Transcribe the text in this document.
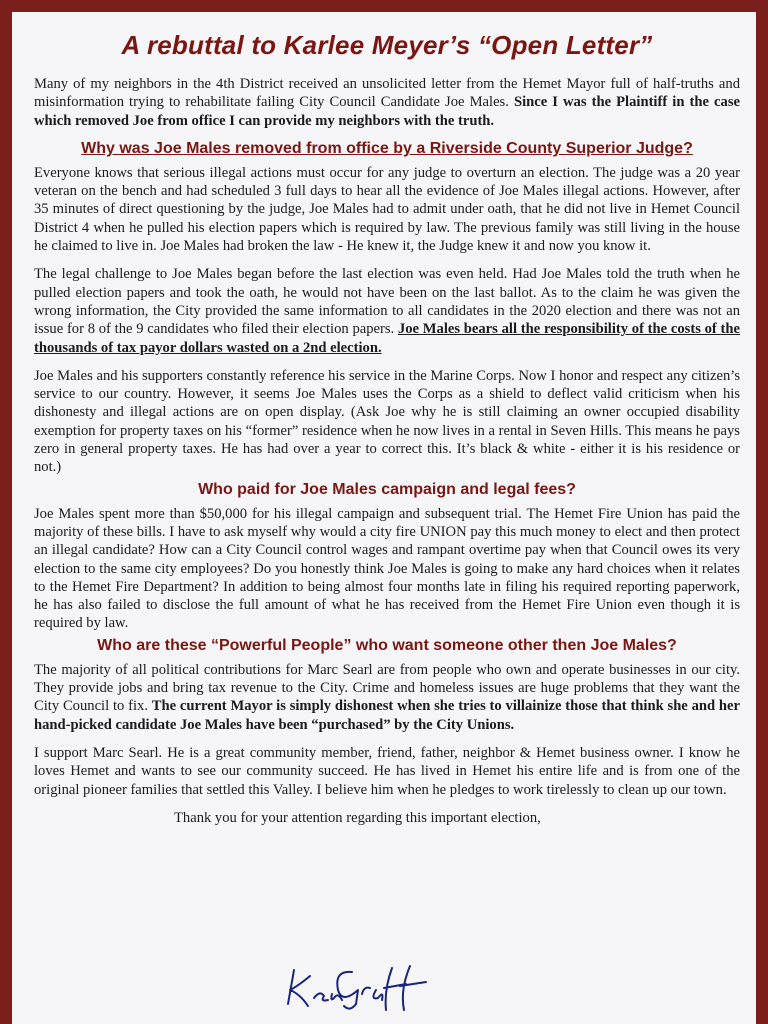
A rebuttal to Karlee Meyer’s “Open Letter”

Many of my neighbors in the 4th District received an unsolicited letter from the Hemet Mayor full of half-truths and misinformation trying to rehabilitate failing City Council Candidate Joe Males. Since I was the Plaintiff in the case which removed Joe from office I can provide my neighbors with the truth.

Why was Joe Males removed from office by a Riverside County Superior Judge?

Everyone knows that serious illegal actions must occur for any judge to overturn an election. The judge was a 20 year veteran on the bench and had scheduled 3 full days to hear all the evidence of Joe Males illegal actions. However, after 35 minutes of direct questioning by the judge, Joe Males had to admit under oath, that he did not live in Hemet Council District 4 when he pulled his election papers which is required by law. The previous family was still living in the house he claimed to live in. Joe Males had broken the law - He knew it, the Judge knew it and now you know it.

The legal challenge to Joe Males began before the last election was even held. Had Joe Males told the truth when he pulled election papers and took the oath, he would not have been on the last ballot. As to the claim he was given the wrong information, the City provided the same information to all candidates in the 2020 election and there was not an issue for 8 of the 9 candidates who filed their election papers. Joe Males bears all the responsibility of the costs of the thousands of tax payor dollars wasted on a 2nd election.

Joe Males and his supporters constantly reference his service in the Marine Corps. Now I honor and respect any citizen’s service to our country. However, it seems Joe Males uses the Corps as a shield to deflect valid criticism when his dishonesty and illegal actions are on open display. (Ask Joe why he is still claiming an owner occupied disability exemption for property taxes on his “former” residence when he now lives in a rental in Seven Hills. This means he pays zero in general property taxes. He has had over a year to correct this. It’s black & white - either it is his residence or not.)

Who paid for Joe Males campaign and legal fees?

Joe Males spent more than $50,000 for his illegal campaign and subsequent trial. The Hemet Fire Union has paid the majority of these bills. I have to ask myself why would a city fire UNION pay this much money to elect and then protect an illegal candidate? How can a City Council control wages and rampant overtime pay when that Council owes its very election to the same city employees? Do you honestly think Joe Males is going to make any hard choices when it relates to the Hemet Fire Department? In addition to being almost four months late in filing his required reporting paperwork, he has also failed to disclose the full amount of what he has received from the Hemet Fire Union even though it is required by law.

Who are these “Powerful People” who want someone other then Joe Males?

The majority of all political contributions for Marc Searl are from people who own and operate businesses in our city. They provide jobs and bring tax revenue to the City. Crime and homeless issues are huge problems that they want the City Council to fix. The current Mayor is simply dishonest when she tries to villainize those that think she and her hand-picked candidate Joe Males have been “purchased” by the City Unions.

I support Marc Searl. He is a great community member, friend, father, neighbor & Hemet business owner. I know he loves Hemet and wants to see our community succeed. He has lived in Hemet his entire life and is from one of the original pioneer families that settled this Valley. I believe him when he pledges to work tirelessly to clean up our town.

Thank you for your attention regarding this important election,
